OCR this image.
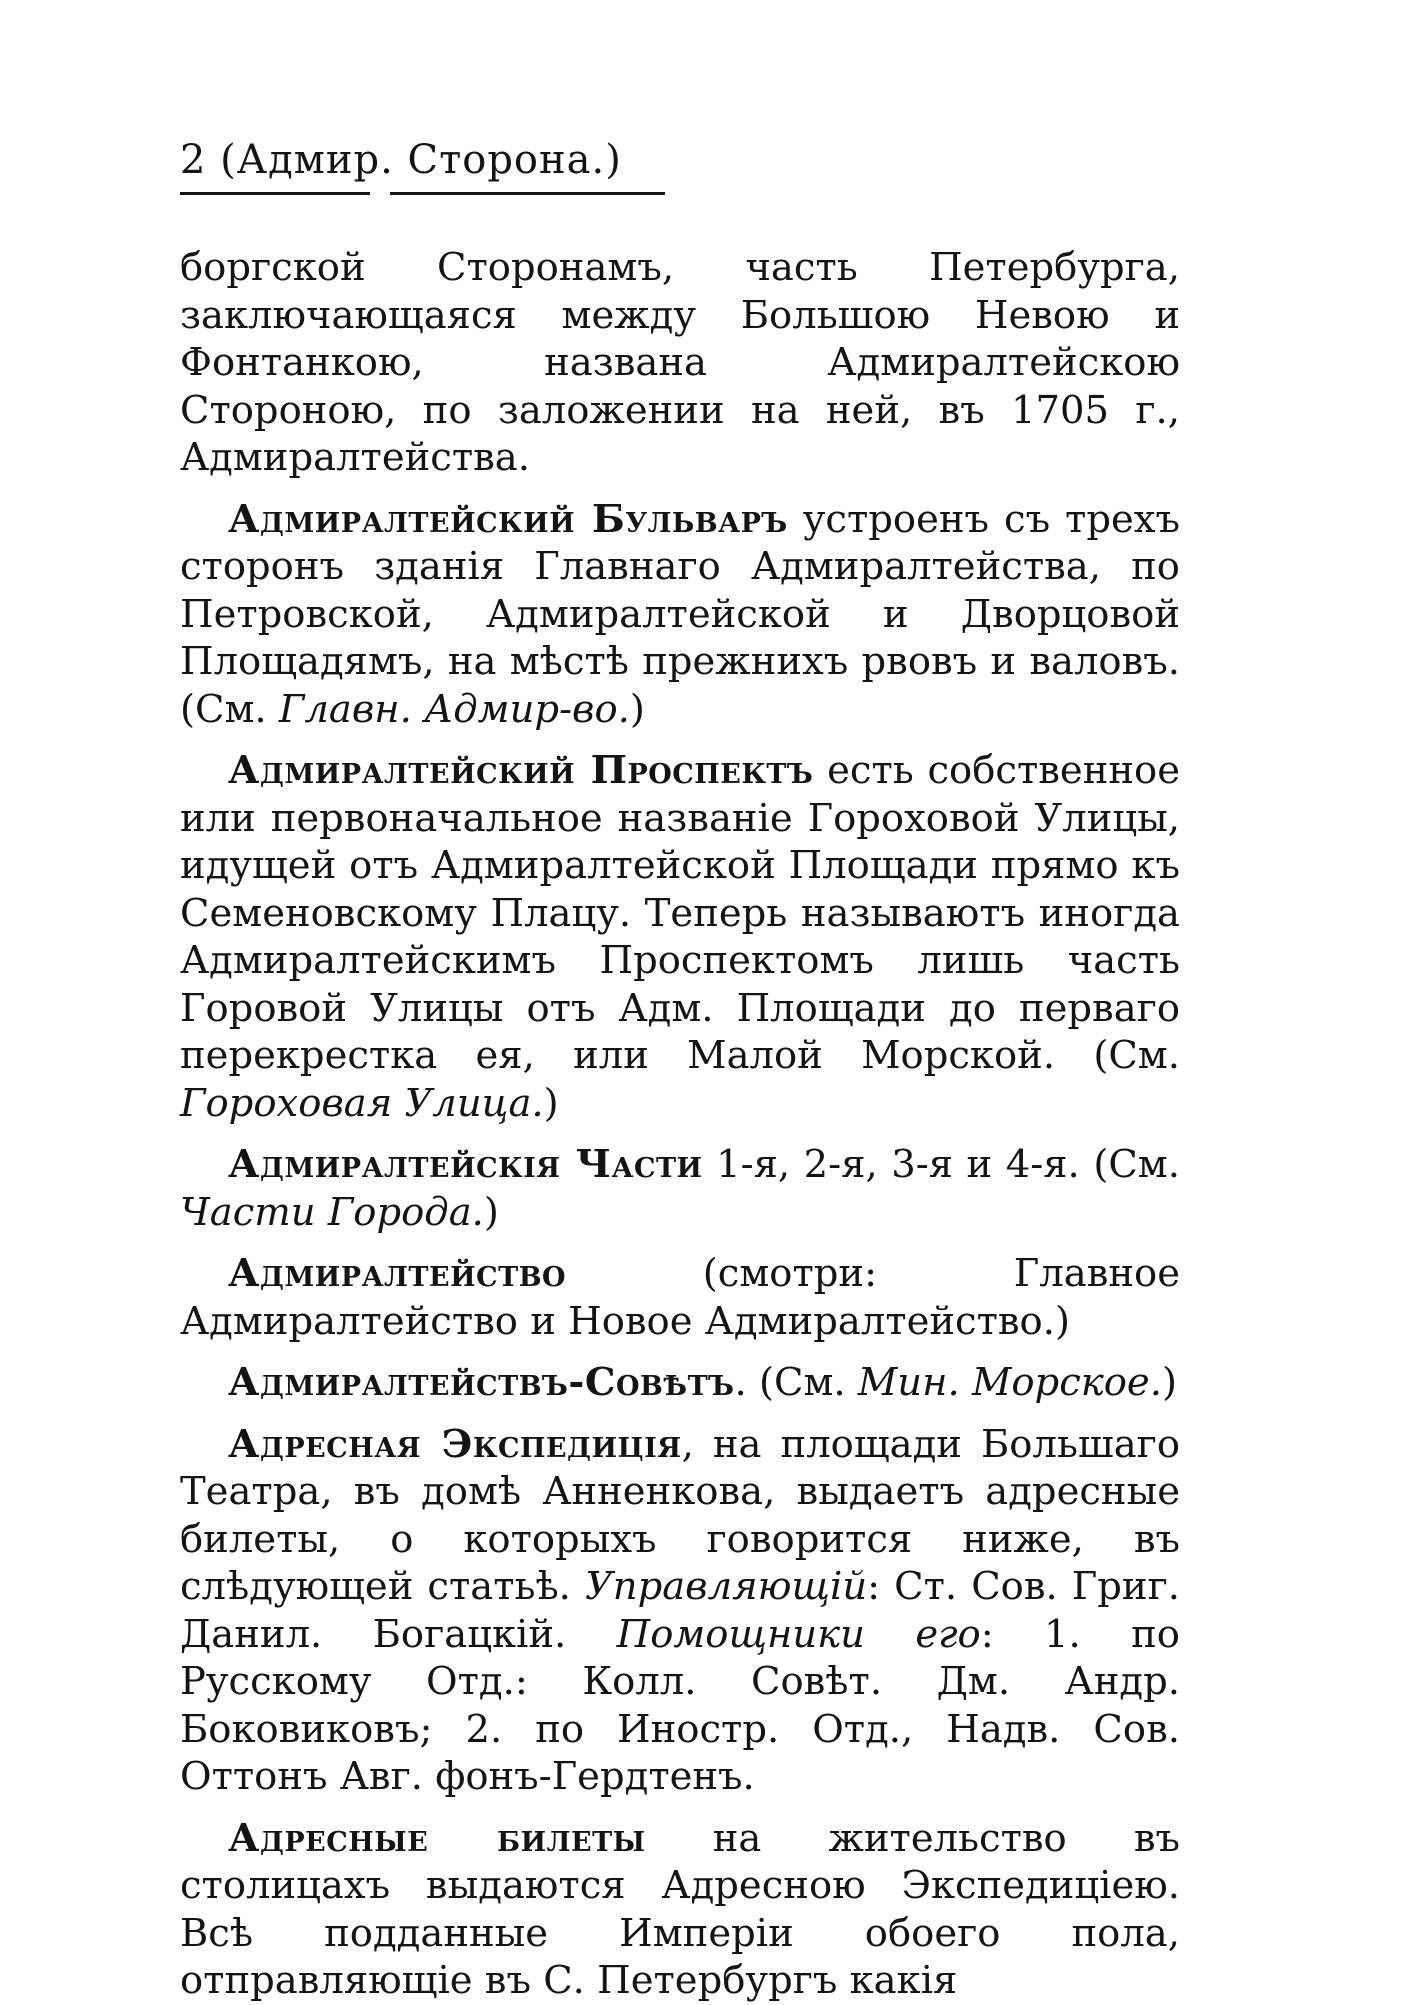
2 (Адмир. Сторона.)

боргской Сторонамъ, часть Петербурга, заключающаяся между Большою Невою и Фонтанкою, названа Адмиралтейскою Стороною, по заложении на ней, въ 1705 г., Адмиралтейства.

Адмиралтейский Бульваръ устроенъ съ трехъ сторонъ зданія Главнаго Адмиралтейства, по Петровской, Адмиралтейской и Дворцовой Площадямъ, на мѣстѣ прежнихъ рвовъ и валовъ. (См. Главн. Адмир-во.)

Адмиралтейский Проспектъ есть собственное или первоначальное названіе Гороховой Улицы, идущей отъ Адмиралтейской Площади прямо къ Семеновскому Плацу. Теперь называютъ иногда Адмиралтейскимъ Проспектомъ лишь часть Горовой Улицы отъ Адм. Площади до перваго перекрестка ея, или Малой Морской. (См. Гороховая Улица.)

Адмиралтейскія Части 1-я, 2-я, 3-я и 4-я. (См. Части Города.)

Адмиралтейство (смотри: Главное Адмиралтейство и Новое Адмиралтейство.)

Адмиралтействъ-Совѣтъ. (См. Мин. Морское.)

Адресная Экспедиція, на площади Большаго Театра, въ домѣ Анненкова, выдаетъ адресные билеты, о которыхъ говорится ниже, въ слѣдующей статьѣ. Управляющій: Ст. Сов. Григ. Данил. Богацкій. Помощники его: 1. по Русскому Отд.: Колл. Совѣт. Дм. Андр. Боковиковъ; 2. по Иностр. Отд., Надв. Сов. Оттонъ Авг. фонъ-Гердтенъ.

Адресные билеты на жительство въ столицахъ выдаются Адресною Экспедиціею. Всѣ подданные Имперіи обоего пола, отправляющіе въ С. Петербургъ какія
